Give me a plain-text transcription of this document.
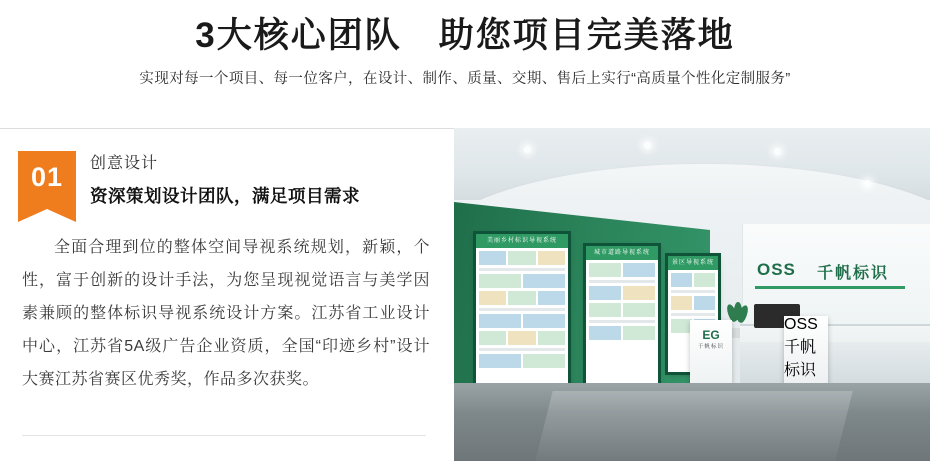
3大核心团队　助您项目完美落地
实现对每一个项目、每一位客户，在设计、制作、质量、交期、售后上实行“高质量个性化定制服务”
01	创意设计
资深策划设计团队，满足项目需求
全面合理到位的整体空间导视系统规划，新颖，个性，富于创新的设计手法，为您呈现视觉语言与美学因素兼顾的整体标识导视系统设计方案。江苏省工业设计中心，江苏省5A级广告企业资质，全国“印迹乡村”设计大赛江苏省赛区优秀奖，作品多次获奖。
美丽乡村标识导视系统
城市道路导视系统
景区导视系统	OSS 千帆标识
EG
千帆标识
OSS
千帆标识
